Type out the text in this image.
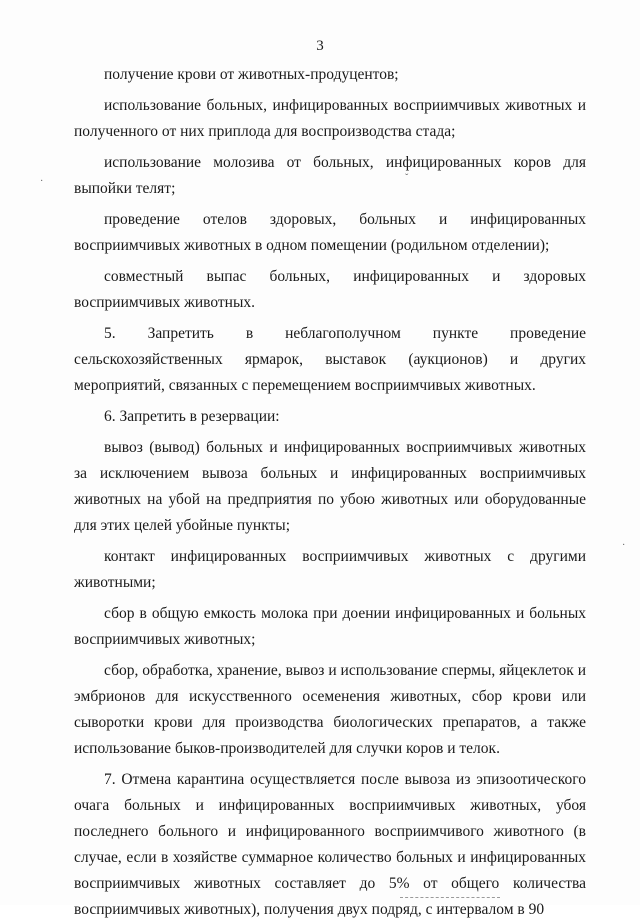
3
·	ˇ
·

получение крови от животных-продуцентов;

использование больных, инфицированных восприимчивых животных и полученного от них приплода для воспроизводства стада;

использование молозива от больных, инфицированных коров для выпойки телят;

проведение отелов здоровых, больных и инфицированных восприимчивых животных в одном помещении (родильном отделении);

совместный выпас больных, инфицированных и здоровых восприимчивых животных.

5. Запретить в неблагополучном пункте проведение сельскохозяйственных ярмарок, выставок (аукционов) и других мероприятий, связанных с перемещением восприимчивых животных.

6. Запретить в резервации:

вывоз (вывод) больных и инфицированных восприимчивых животных за исключением вывоза больных и инфицированных восприимчивых животных на убой на предприятия по убою животных или оборудованные для этих целей убойные пункты;

контакт инфицированных восприимчивых животных с другими животными;

сбор в общую емкость молока при доении инфицированных и больных восприимчивых животных;

сбор, обработка, хранение, вывоз и использование спермы, яйцеклеток и эмбрионов для искусственного осеменения животных, сбор крови или сыворотки крови для производства биологических препаратов, а также использование быков-производителей для случки коров и телок.

7. Отмена карантина осуществляется после вывоза из эпизоотического очага больных и инфицированных восприимчивых животных, убоя последнего больного и инфицированного восприимчивого животного (в случае, если в хозяйстве суммарное количество больных и инфицированных восприимчивых животных составляет до 5% от общего количества восприимчивых животных), получения двух подряд, с интервалом в 90
